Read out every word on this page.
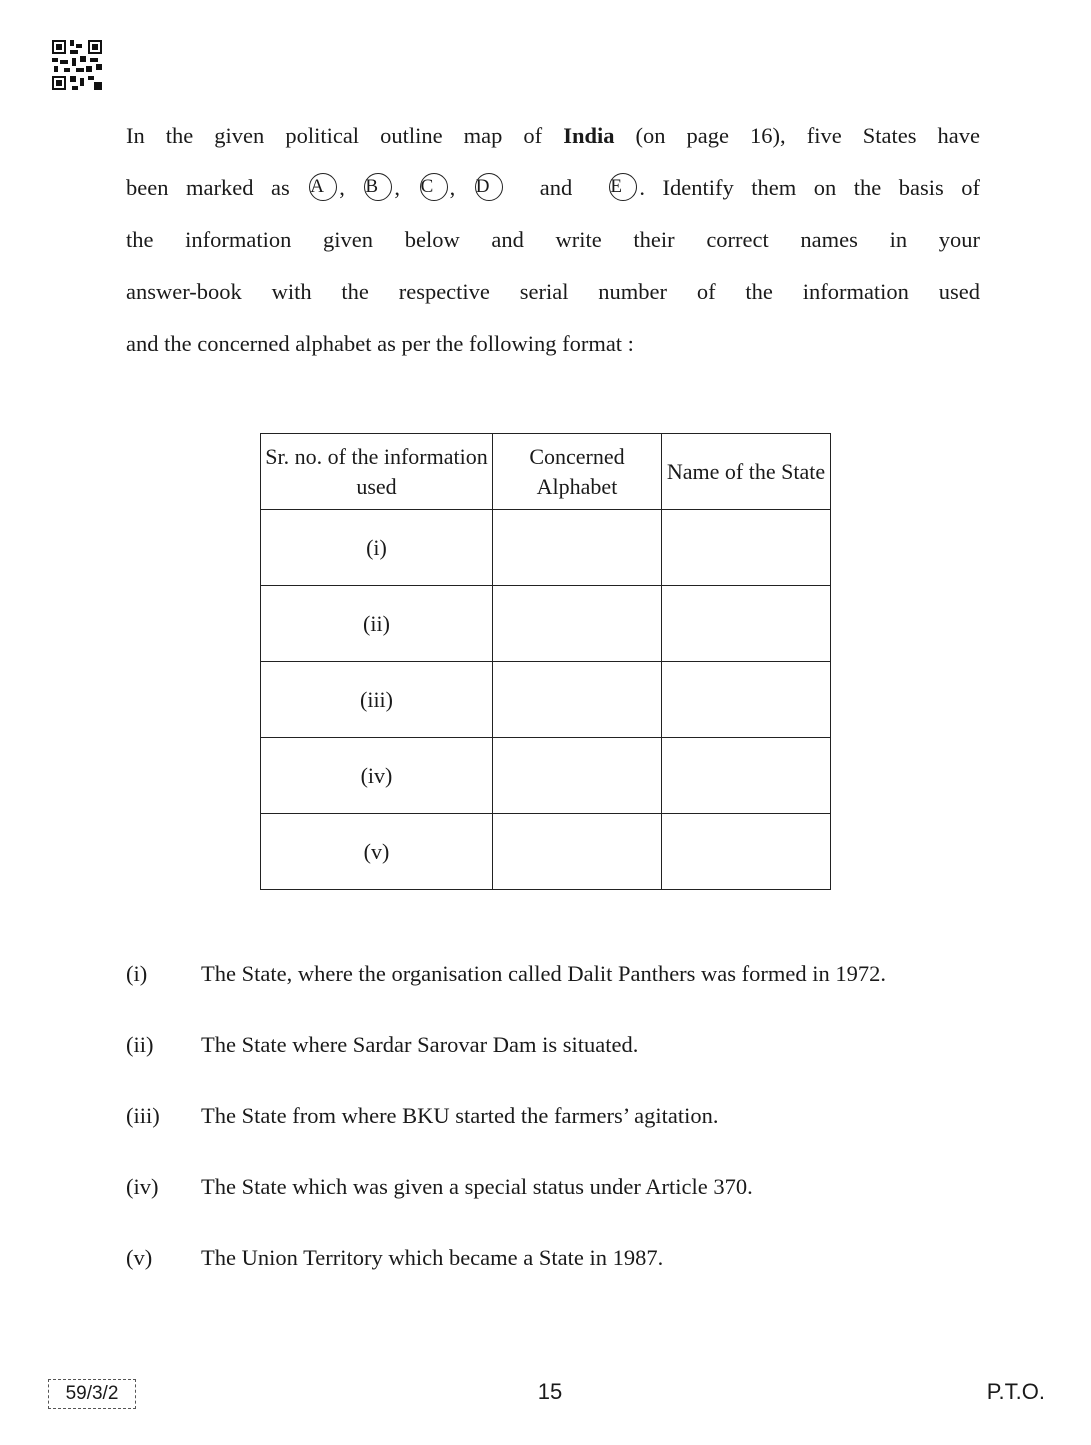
In the given political outline map of India (on page 16), five States have
been marked as A , B , C , D and E . Identify them on the basis of
the information given below and write their correct names in your
answer-book with the respective serial number of the information used
and the concerned alphabet as per the following format :
Sr. no. of the information used	Concerned Alphabet	Name of the State
(i)		
(ii)		
(iii)		
(iv)		
(v)		
(i) The State, where the organisation called Dalit Panthers was formed in 1972.
(ii) The State where Sardar Sarovar Dam is situated.
(iii) The State from where BKU started the farmers’ agitation.
(iv) The State which was given a special status under Article 370.
(v) The Union Territory which became a State in 1987.
59/3/2	15	P.T.O.
